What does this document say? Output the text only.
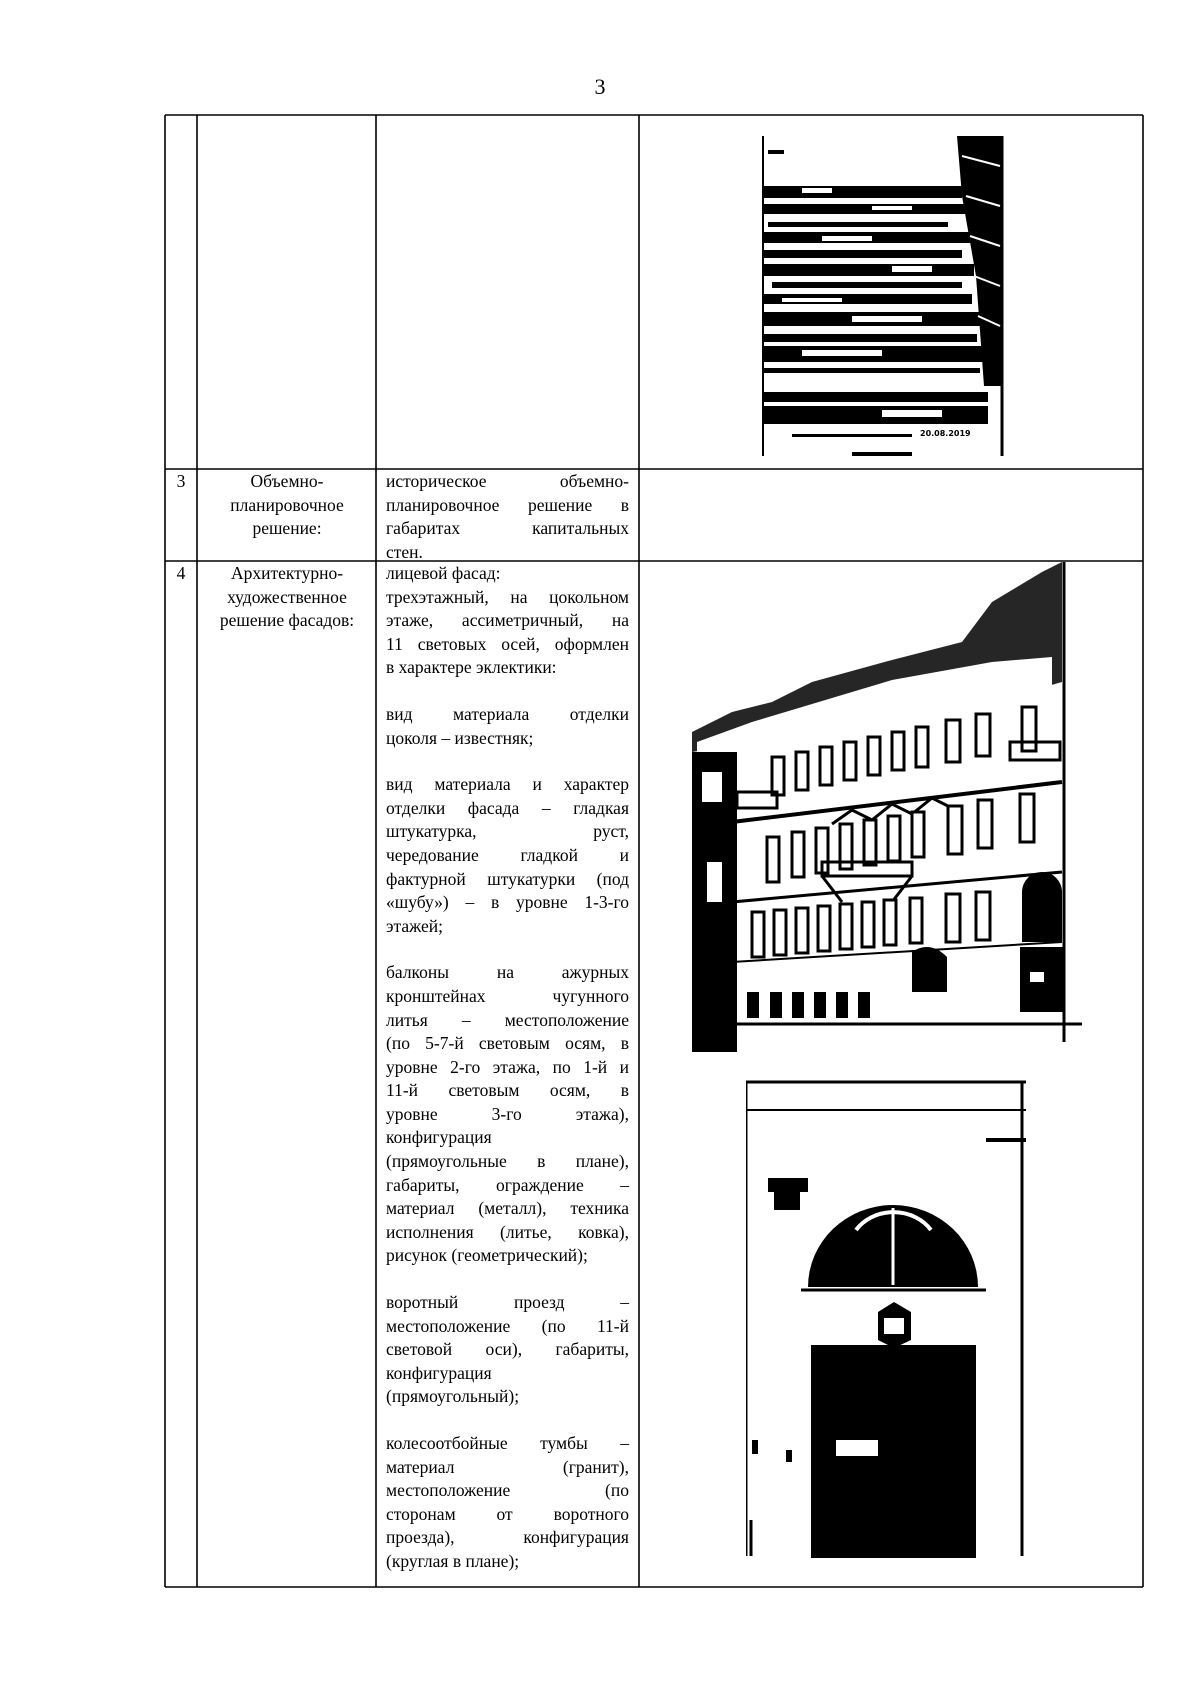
3
3	Объемно-
планировочное
решение:
историческое объемно-
планировочное решение в
габаритах капитальных
стен.
4	Архитектурно-
художественное
решение фасадов:
лицевой фасад:
трехэтажный, на цокольном
этаже, ассиметричный, на
11 световых осей, оформлен
в характере эклектики:
вид материала отделки
цоколя – известняк;
вид материала и характер
отделки фасада – гладкая
штукатурка, руст,
чередование гладкой и
фактурной штукатурки (под
«шубу») – в уровне 1-3-го
этажей;
балконы на ажурных
кронштейнах чугунного
литья – местоположение
(по 5-7-й световым осям, в
уровне 2-го этажа, по 1-й и
11-й световым осям, в
уровне 3-го этажа),
конфигурация
(прямоугольные в плане),
габариты, ограждение –
материал (металл), техника
исполнения (литье, ковка),
рисунок (геометрический);
воротный проезд –
местоположение (по 11-й
световой оси), габариты,
конфигурация
(прямоугольный);
колесоотбойные тумбы –
материал (гранит),
местоположение (по
сторонам от воротного
проезда), конфигурация
(круглая в плане);
20.08.2019
